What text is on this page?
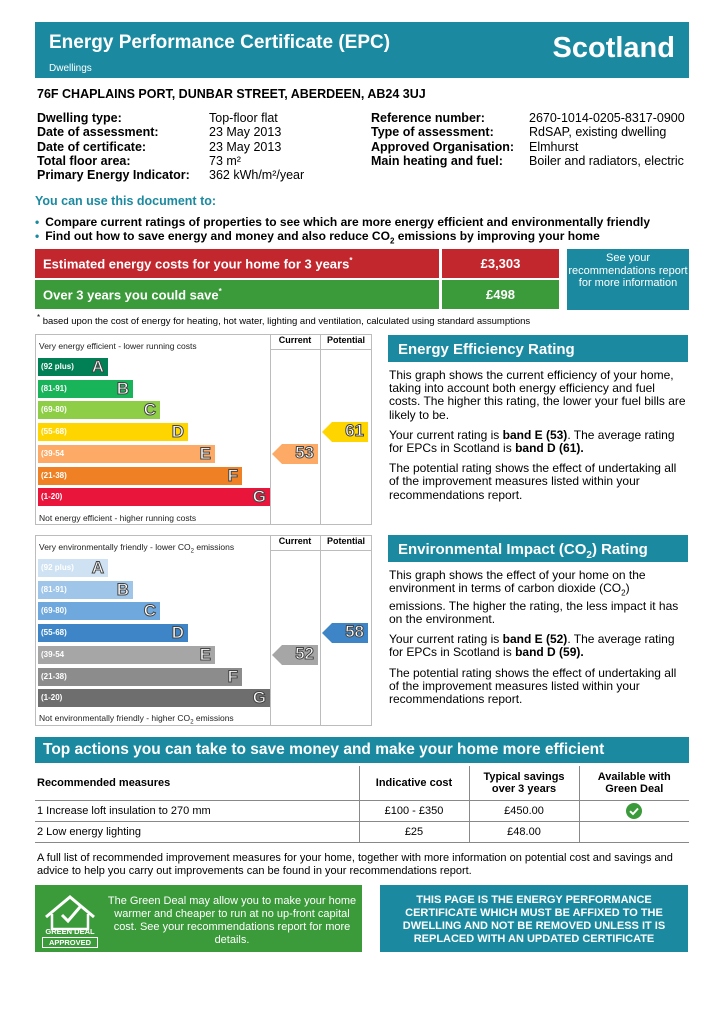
Energy Performance Certificate (EPC)
Dwellings
Scotland
76F CHAPLAINS PORT, DUNBAR STREET, ABERDEEN, AB24 3UJ
Dwelling type:	Top-floor flat
Date of assessment:	23 May 2013
Date of certificate:	23 May 2013
Total floor area:	73 m²
Primary Energy Indicator:	362 kWh/m²/year
Reference number:	2670-1014-0205-8317-0900
Type of assessment:	RdSAP, existing dwelling
Approved Organisation:	Elmhurst
Main heating and fuel:	Boiler and radiators, electric
You can use this document to:
• Compare current ratings of properties to see which are more energy efficient and environmentally friendly
• Find out how to save energy and money and also reduce $CO_2$ emissions by improving your home
Estimated energy costs for your home for 3 years*	£3,303
Over 3 years you could save*	£498
See your recommendations report for more information
* based upon the cost of energy for heating, hot water, lighting and ventilation, calculated using standard assumptions
Current	Potential
Very energy efficient - lower running costs
Not energy efficient - higher running costs
(92 plus) A
(81-91)	B
(69-80)	C
(55-68)	D
(39-54	E
(21-38)	F
(1-20)	G
53
61
Energy Efficiency Rating

This graph shows the current efficiency of your home, taking into account both energy efficiency and fuel costs. The higher this rating, the lower your fuel bills are likely to be.

Your current rating is band E (53). The average rating for EPCs in Scotland is band D (61).

The potential rating shows the effect of undertaking all of the improvement measures listed within your recommendations report.

Current	Potential
Very environmentally friendly - lower $CO_2$ emissions
Not environmentally friendly - higher $CO_2$ emissions
(92 plus) A
(81-91)	B
(69-80)	C
(55-68)	D
(39-54	E
(21-38)	F
(1-20)	G
52
58
Environmental Impact $(CO_2)$ Rating

This graph shows the effect of your home on the environment in terms of carbon dioxide $(CO_2)$ emissions. The higher the rating, the less impact it has on the environment.

Your current rating is band E (52). The average rating for EPCs in Scotland is band D (59).

The potential rating shows the effect of undertaking all of the improvement measures listed within your recommendations report.

Top actions you can take to save money and make your home more efficient
Recommended measures	Indicative cost	Typical savings over 3 years	Available with Green Deal
1 Increase loft insulation to 270 mm	£100 - £350	£450.00	
2 Low energy lighting	£25	£48.00	
A full list of recommended improvement measures for your home, together with more information on potential cost and savings and advice to help you carry out improvements can be found in your recommendations report.
GREEN DEAL
APPROVED
The Green Deal may allow you to make your home warmer and cheaper to run at no up-front capital cost. See your recommendations report for more details.
THIS PAGE IS THE ENERGY PERFORMANCE CERTIFICATE WHICH MUST BE AFFIXED TO THE DWELLING AND NOT BE REMOVED UNLESS IT IS REPLACED WITH AN UPDATED CERTIFICATE
